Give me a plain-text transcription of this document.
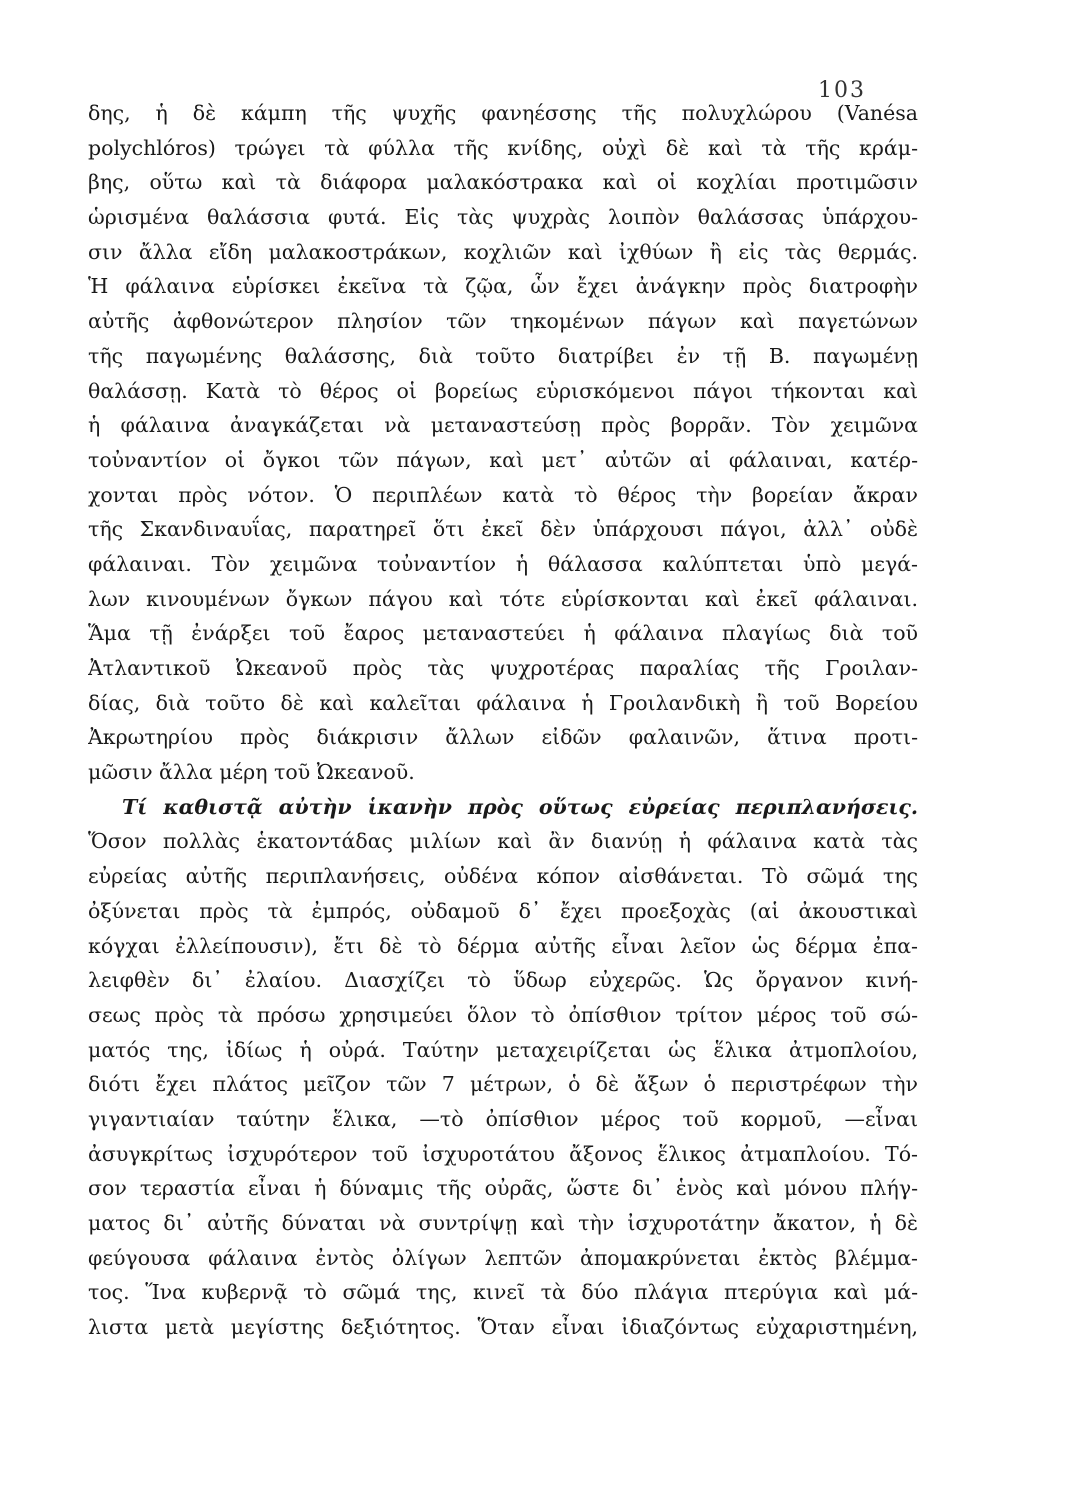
103
δης, ἡ δὲ κάμπη τῆς ψυχῆς φανηέσσης τῆς πολυχλώρου (Vanésa
polychlóros) τρώγει τὰ φύλλα τῆς κνίδης, οὐχὶ δὲ καὶ τὰ τῆς κράμ-
βης, οὕτω καὶ τὰ διάφορα μαλακόστρακα καὶ οἱ κοχλίαι προτιμῶσιν
ὡρισμένα θαλάσσια φυτά. Εἰς τὰς ψυχρὰς λοιπὸν θαλάσσας ὑπάρχου-
σιν ἄλλα εἴδη μαλακοστράκων, κοχλιῶν καὶ ἰχθύων ἢ εἰς τὰς θερμάς.
Ἡ φάλαινα εὑρίσκει ἐκεῖνα τὰ ζῷα, ὧν ἔχει ἀνάγκην πρὸς διατροφὴν
αὐτῆς ἀφθονώτερον πλησίον τῶν τηκομένων πάγων καὶ παγετώνων
τῆς παγωμένης θαλάσσης, διὰ τοῦτο διατρίβει ἐν τῇ Β. παγωμένῃ
θαλάσσῃ. Κατὰ τὸ θέρος οἱ βορείως εὑρισκόμενοι πάγοι τήκονται καὶ
ἡ φάλαινα ἀναγκάζεται νὰ μεταναστεύσῃ πρὸς βορρᾶν. Τὸν χειμῶνα
τοὐναντίον οἱ ὄγκοι τῶν πάγων, καὶ μετ᾽ αὐτῶν αἱ φάλαιναι, κατέρ-
χονται πρὸς νότον. Ὁ περιπλέων κατὰ τὸ θέρος τὴν βορείαν ἄκραν
τῆς Σκανδιναυΐας, παρατηρεῖ ὅτι ἐκεῖ δὲν ὑπάρχουσι πάγοι, ἀλλ᾽ οὐδὲ
φάλαιναι. Τὸν χειμῶνα τοὐναντίον ἡ θάλασσα καλύπτεται ὑπὸ μεγά-
λων κινουμένων ὄγκων πάγου καὶ τότε εὑρίσκονται καὶ ἐκεῖ φάλαιναι.
Ἅμα τῇ ἐνάρξει τοῦ ἔαρος μεταναστεύει ἡ φάλαινα πλαγίως διὰ τοῦ
Ἀτλαντικοῦ Ὠκεανοῦ πρὸς τὰς ψυχροτέρας παραλίας τῆς Γροιλαν-
δίας, διὰ τοῦτο δὲ καὶ καλεῖται φάλαινα ἡ Γροιλανδικὴ ἢ τοῦ Βορείου
Ἀκρωτηρίου πρὸς διάκρισιν ἄλλων εἰδῶν φαλαινῶν, ἅτινα προτι-
μῶσιν ἄλλα μέρη τοῦ Ὠκεανοῦ.
Τί καθιστᾷ αὐτὴν ἱκανὴν πρὸς οὕτως εὐρείας περιπλανήσεις.
Ὅσον πολλὰς ἑκατοντάδας μιλίων καὶ ἂν διανύῃ ἡ φάλαινα κατὰ τὰς
εὐρείας αὐτῆς περιπλανήσεις, οὐδένα κόπον αἰσθάνεται. Τὸ σῶμά της
ὀξύνεται πρὸς τὰ ἐμπρός, οὐδαμοῦ δ᾽ ἔχει προεξοχὰς (αἱ ἀκουστικαὶ
κόγχαι ἐλλείπουσιν), ἔτι δὲ τὸ δέρμα αὐτῆς εἶναι λεῖον ὡς δέρμα ἐπα-
λειφθὲν δι᾽ ἐλαίου. Διασχίζει τὸ ὕδωρ εὐχερῶς. Ὡς ὄργανον κινή-
σεως πρὸς τὰ πρόσω χρησιμεύει ὅλον τὸ ὀπίσθιον τρίτον μέρος τοῦ σώ-
ματός της, ἰδίως ἡ οὐρά. Ταύτην μεταχειρίζεται ὡς ἕλικα ἀτμοπλοίου,
διότι ἔχει πλάτος μεῖζον τῶν 7 μέτρων, ὁ δὲ ἄξων ὁ περιστρέφων τὴν
γιγαντιαίαν ταύτην ἕλικα, —τὸ ὀπίσθιον μέρος τοῦ κορμοῦ, —εἶναι
ἀσυγκρίτως ἰσχυρότερον τοῦ ἰσχυροτάτου ἄξονος ἕλικος ἀτμαπλοίου. Τό-
σον τεραστία εἶναι ἡ δύναμις τῆς οὐρᾶς, ὥστε δι᾽ ἑνὸς καὶ μόνου πλήγ-
ματος δι᾽ αὐτῆς δύναται νὰ συντρίψῃ καὶ τὴν ἰσχυροτάτην ἄκατον, ἡ δὲ
φεύγουσα φάλαινα ἐντὸς ὀλίγων λεπτῶν ἀπομακρύνεται ἐκτὸς βλέμμα-
τος. Ἵνα κυβερνᾷ τὸ σῶμά της, κινεῖ τὰ δύο πλάγια πτερύγια καὶ μά-
λιστα μετὰ μεγίστης δεξιότητος. Ὅταν εἶναι ἰδιαζόντως εὐχαριστημένη,
